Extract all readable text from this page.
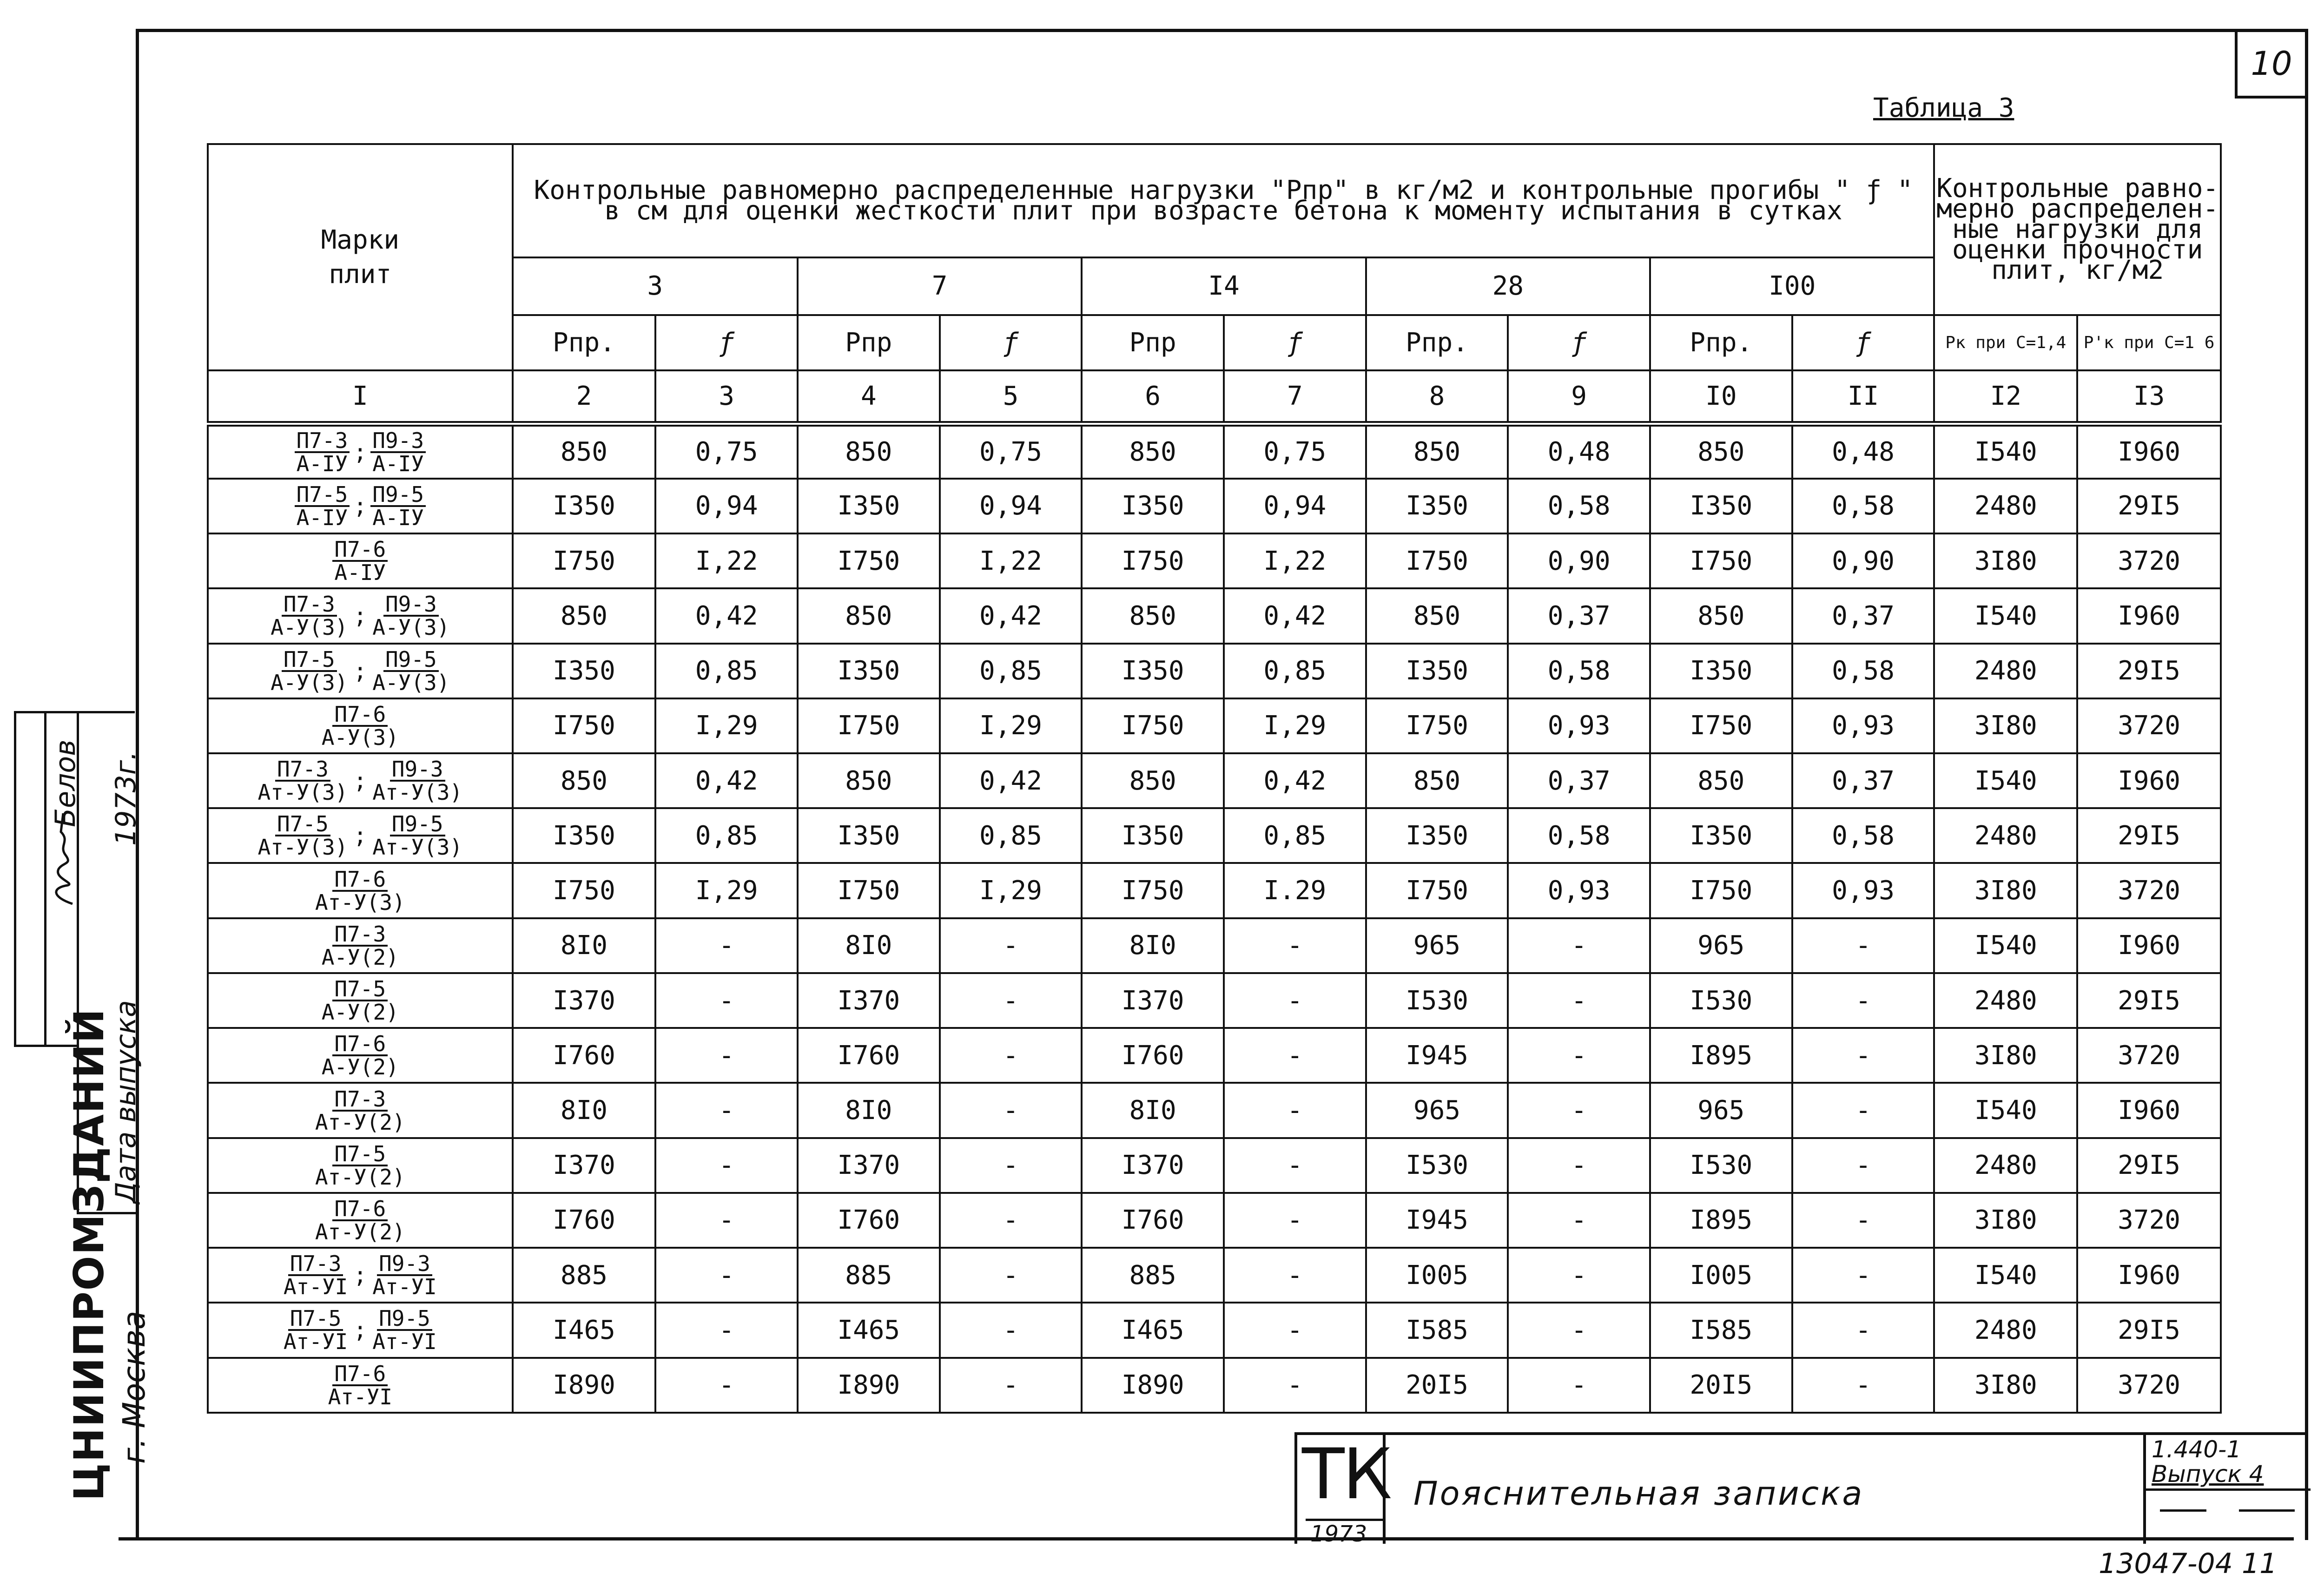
10
Таблица 3
Марки
плит	Контрольные равномерно распределенные нагрузки "Рпр" в кг/м2 и контрольные прогибы " ƒ "
в см для оценки жесткости плит при возрасте бетона к моменту испытания в сутках										Контрольные равно-
мерно распределен-
ные нагрузки для
оценки прочности
плит, кг/м2	
	3		7		I4		28		I00			
	Pпр.	ƒ	Pпр	ƒ	Pпр	ƒ	Pпр.	ƒ	Pпр.	ƒ	Pк при С=1,4	P'к при С=1 6
I	2	3	4	5	6	7	8	9	I0	II	I2	I3

$\frac{П7-3}{А-IУ}$ ; $\frac{П9-3}{А-IУ}$	850	0,75	850	0,75	850	0,75	850	0,48	850	0,48	I540	I960

$\frac{П7-5}{А-IУ}$ ; $\frac{П9-5}{А-IУ}$	I350	0,94	I350	0,94	I350	0,94	I350	0,58	I350	0,58	2480	29I5

$\frac{П7-6}{А-IУ}$	I750	I,22	I750	I,22	I750	I,22	I750	0,90	I750	0,90	3I80	3720

$\frac{П7-3}{А-У(3)}$ ; $\frac{П9-3}{А-У(3)}$	850	0,42	850	0,42	850	0,42	850	0,37	850	0,37	I540	I960

$\frac{П7-5}{А-У(3)}$ ; $\frac{П9-5}{А-У(3)}$	I350	0,85	I350	0,85	I350	0,85	I350	0,58	I350	0,58	2480	29I5

$\frac{П7-6}{А-У(3)}$	I750	I,29	I750	I,29	I750	I,29	I750	0,93	I750	0,93	3I80	3720

$\frac{П7-3}{Ат-У(3)}$ ; $\frac{П9-3}{Ат-У(3)}$	850	0,42	850	0,42	850	0,42	850	0,37	850	0,37	I540	I960

$\frac{П7-5}{Ат-У(3)}$ ; $\frac{П9-5}{Ат-У(3)}$	I350	0,85	I350	0,85	I350	0,85	I350	0,58	I350	0,58	2480	29I5

$\frac{П7-6}{Ат-У(3)}$	I750	I,29	I750	I,29	I750	I.29	I750	0,93	I750	0,93	3I80	3720

$\frac{П7-3}{А-У(2)}$	8I0	-	8I0	-	8I0	-	965	-	965	-	I540	I960

$\frac{П7-5}{А-У(2)}$	I370	-	I370	-	I370	-	I530	-	I530	-	2480	29I5

$\frac{П7-6}{А-У(2)}$	I760	-	I760	-	I760	-	I945	-	I895	-	3I80	3720

$\frac{П7-3}{Ат-У(2)}$	8I0	-	8I0	-	8I0	-	965	-	965	-	I540	I960

$\frac{П7-5}{Ат-У(2)}$	I370	-	I370	-	I370	-	I530	-	I530	-	2480	29I5

$\frac{П7-6}{Ат-У(2)}$	I760	-	I760	-	I760	-	I945	-	I895	-	3I80	3720

$\frac{П7-3}{Ат-УI}$ ; $\frac{П9-3}{Ат-УI}$	885	-	885	-	885	-	I005	-	I005	-	I540	I960

$\frac{П7-5}{Ат-УI}$ ; $\frac{П9-5}{Ат-УI}$	I465	-	I465	-	I465	-	I585	-	I585	-	2480	29I5

$\frac{П7-6}{Ат-УI}$	I890	-	I890	-	I890	-	20I5	-	20I5	-	3I80	3720
Белов 1973г.
Дата выпуска
ЦНИИПРОМЗДАНИЙ г. Москва
ТК
1973
Пояснительная записка
1.440-1
Выпуск 4
13047-04 11
